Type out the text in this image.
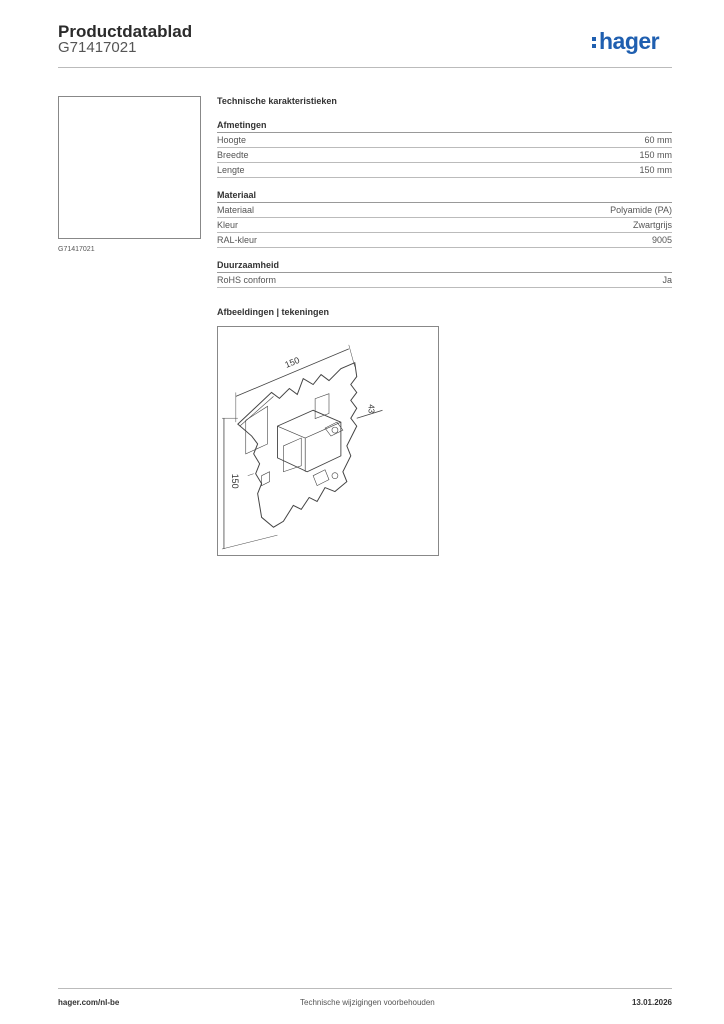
Productdatablad
G71417021	hager
G71417021
Technische karakteristieken
Afmetingen
Hoogte	60 mm
Breedte	150 mm
Lengte	150 mm
Materiaal
Materiaal	Polyamide (PA)
Kleur	Zwartgrijs
RAL-kleur	9005
Duurzaamheid
RoHS conform	Ja
Afbeeldingen | tekeningen
150
150
43
hager.com/nl-be	Technische wijzigingen voorbehouden	13.01.2026
